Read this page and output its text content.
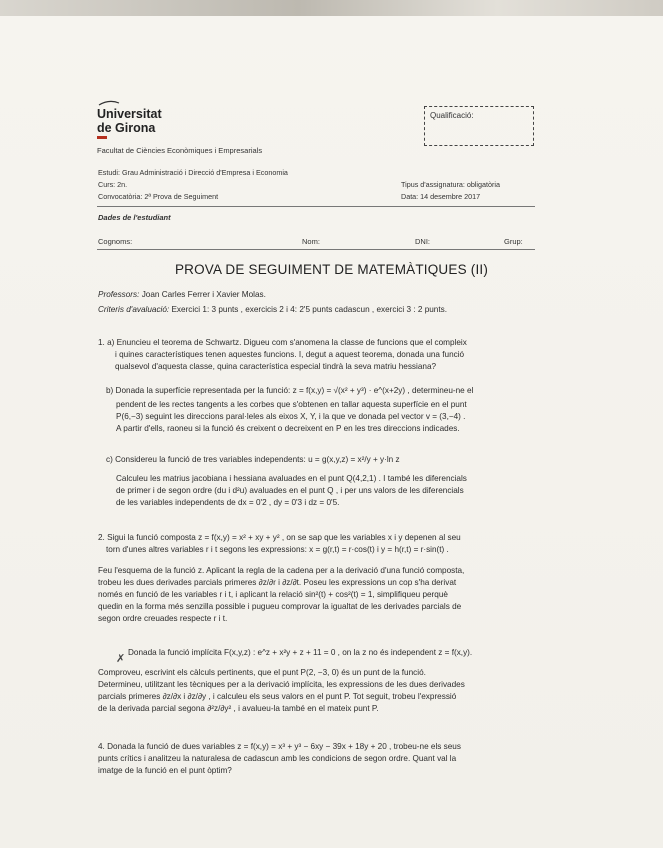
Universitat
de Girona
Facultat de Ciències Econòmiques i Empresarials
Qualificació:
Estudi: Grau Administració i Direcció d'Empresa i Economia
Curs: 2n.
Convocatòria: 2ª Prova de Seguiment
Tipus d'assignatura: obligatòria
Data: 14 desembre 2017
Dades de l'estudiant
Cognoms:	Nom:	DNI:	Grup:
PROVA DE SEGUIMENT DE MATEMÀTIQUES (II)
Professors: Joan Carles Ferrer i Xavier Molas.
Criteris d'avaluació: Exercici 1: 3 punts , exercicis 2 i 4: 2'5 punts cadascun , exercici 3 : 2 punts.
1. a) Enuncieu el teorema de Schwartz. Digueu com s'anomena la classe de funcions que el compleix
i quines característiques tenen aquestes funcions. I, degut a aquest teorema, donada una funció
qualsevol d'aquesta classe, quina característica especial tindrà la seva matriu hessiana?
b) Donada la superfície representada per la funció: z = f(x,y) = √(x² + y³) · e^(x+2y) , determineu-ne el
pendent de les rectes tangents a les corbes que s'obtenen en tallar aquesta superfície en el punt
P(6,−3) seguint les direccions paral·leles als eixos X, Y, i la que ve donada pel vector v = (3,−4) .
A partir d'ells, raoneu si la funció és creixent o decreixent en P en les tres direccions indicades.
c) Considereu la funció de tres variables independents: u = g(x,y,z) = x²/y + y·ln z
Calculeu les matrius jacobiana i hessiana avaluades en el punt Q(4,2,1) . I també les diferencials
de primer i de segon ordre (du i d²u) avaluades en el punt Q , i per uns valors de les diferencials
de les variables independents de dx = 0'2 , dy = 0'3 i dz = 0'5.
2. Sigui la funció composta z = f(x,y) = x² + xy + y² , on se sap que les variables x i y depenen al seu
torn d'unes altres variables r i t segons les expressions: x = g(r,t) = r·cos(t) i y = h(r,t) = r·sin(t) .
Feu l'esquema de la funció z. Aplicant la regla de la cadena per a la derivació d'una funció composta,
trobeu les dues derivades parcials primeres ∂z/∂r i ∂z/∂t. Poseu les expressions un cop s'ha derivat
només en funció de les variables r i t, i aplicant la relació sin²(t) + cos²(t) = 1, simplifiqueu perquè
quedin en la forma més senzilla possible i pugueu comprovar la igualtat de les derivades parcials de
segon ordre creuades respecte r i t.
✗
Donada la funció implícita F(x,y,z) : e^z + x²y + z + 11 = 0 , on la z no és independent z = f(x,y).
Comproveu, escrivint els càlculs pertinents, que el punt P(2, −3, 0) és un punt de la funció.
Determineu, utilitzant les tècniques per a la derivació implícita, les expressions de les dues derivades
parcials primeres ∂z/∂x i ∂z/∂y , i calculeu els seus valors en el punt P. Tot seguit, trobeu l'expressió
de la derivada parcial segona ∂²z/∂y² , i avalueu-la també en el mateix punt P.
4. Donada la funció de dues variables z = f(x,y) = x³ + y³ − 6xy − 39x + 18y + 20 , trobeu-ne els seus
punts crítics i analitzeu la naturalesa de cadascun amb les condicions de segon ordre. Quant val la
imatge de la funció en el punt òptim?
